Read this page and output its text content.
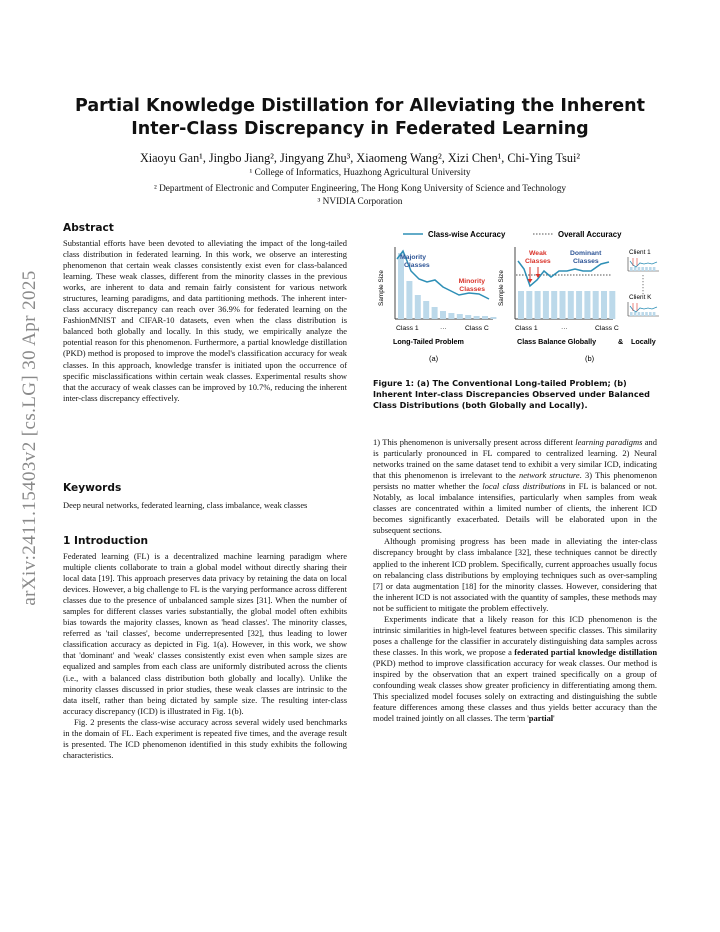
arXiv:2411.15403v2 [cs.LG] 30 Apr 2025
Partial Knowledge Distillation for Alleviating the Inherent
Inter-Class Discrepancy in Federated Learning
Xiaoyu Gan¹, Jingbo Jiang², Jingyang Zhu³, Xiaomeng Wang², Xizi Chen¹, Chi-Ying Tsui²
¹ College of Informatics, Huazhong Agricultural University
² Department of Electronic and Computer Engineering, The Hong Kong University of Science and Technology
³ NVIDIA Corporation
Abstract
Substantial efforts have been devoted to alleviating the impact of the long-tailed class distribution in federated learning. In this work, we observe an interesting phenomenon that certain weak classes consistently exist even for class-balanced learning. These weak classes, different from the minority classes in the previous works, are inherent to data and remain fairly consistent for various network structures, learning paradigms, and data partitioning methods. The inherent inter-class accuracy discrepancy can reach over 36.9% for federated learning on the FashionMNIST and CIFAR-10 datasets, even when the class distribution is balanced both globally and locally. In this study, we empirically analyze the potential reason for this phenomenon. Furthermore, a partial knowledge distillation (PKD) method is proposed to improve the model's classification accuracy for weak classes. In this approach, knowledge transfer is initiated upon the occurrence of specific misclassifications within certain weak classes. Experimental results show that the accuracy of weak classes can be improved by 10.7%, reducing the inherent inter-class discrepancy effectively.
Keywords
Deep neural networks, federated learning, class imbalance, weak classes
1 Introduction

Federated learning (FL) is a decentralized machine learning paradigm where multiple clients collaborate to train a global model without directly sharing their local data [19]. This approach preserves data privacy by retaining the data on local devices. However, a big challenge to FL is the varying performance across different classes due to the presence of unbalanced sample sizes [31]. When the number of samples for different classes varies substantially, the global model often exhibits bias towards the majority classes, known as 'head classes'. The minority classes, referred as 'tail classes', become underrepresented [32], thus leading to lower classification accuracy as depicted in Fig. 1(a). However, in this work, we show that 'dominant' and 'weak' classes consistently exist even when sample sizes are equalized and samples from each class are uniformly distributed across the clients (i.e., with a balanced class distribution both globally and locally). Unlike the minority classes discussed in prior studies, these weak classes are intrinsic to the data itself, rather than being dictated by sample size. The resulting inter-class accuracy discrepancy (ICD) is illustrated in Fig. 1(b).

Fig. 2 presents the class-wise accuracy across several widely used benchmarks in the domain of FL. Each experiment is repeated five times, and the average result is presented. The ICD phenomenon identified in this study exhibits the following characteristics.

Class-wise Accuracy	Overall Accuracy
Sample Size
Majority
Classes
Minority
Classes
Class 1	···	Class C
Long-Tailed Problem
(a)
Sample Size
Weak
Classes
Dominant
Classes
Class 1	···	Class C
Class Balance Globally	& Locally
(b)
Client 1
Client K
Figure 1: (a) The Conventional Long-tailed Problem; (b) Inherent Inter-class Discrepancies Observed under Balanced Class Distributions (both Globally and Locally).

1) This phenomenon is universally present across different learning paradigms and is particularly pronounced in FL compared to centralized learning. 2) Neural networks trained on the same dataset tend to exhibit a very similar ICD, indicating that this phenomenon is irrelevant to the network structure. 3) This phenomenon persists no matter whether the local class distributions in FL is balanced or not. Notably, as local imbalance intensifies, particularly when samples from weak classes are concentrated within a limited number of clients, the inherent ICD becomes significantly exacerbated. Details will be elaborated upon in the subsequent sections.

Although promising progress has been made in alleviating the inter-class discrepancy brought by class imbalance [32], these techniques cannot be directly applied to the inherent ICD problem. Specifically, current approaches usually focus on rebalancing class distributions by employing techniques such as over-sampling [7] or data augmentation [18] for the minority classes. However, considering that the inherent ICD is not associated with the quantity of samples, these methods may not be sufficient to mitigate the problem effectively.

Experiments indicate that a likely reason for this ICD phenomenon is the intrinsic similarities in high-level features between specific classes. This similarity poses a challenge for the classifier in accurately distinguishing data samples across these classes. In this work, we propose a federated partial knowledge distillation (PKD) method to improve classification accuracy for weak classes. Our method is inspired by the observation that an expert trained specifically on a group of confounding weak classes show greater proficiency in differentiating among them. This specialized model focuses solely on extracting and distinguishing the subtle feature differences among these classes and thus yields better accuracy than the model trained jointly on all classes. The term 'partial'
